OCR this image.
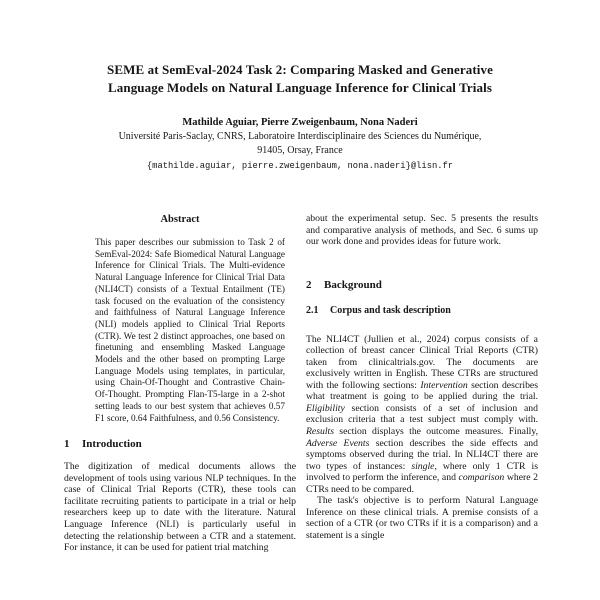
SEME at SemEval-2024 Task 2: Comparing Masked and Generative
Language Models on Natural Language Inference for Clinical Trials
Mathilde Aguiar, Pierre Zweigenbaum, Nona Naderi
Université Paris-Saclay, CNRS, Laboratoire Interdisciplinaire des Sciences du Numérique,
91405, Orsay, France
{mathilde.aguiar, pierre.zweigenbaum, nona.naderi}@lisn.fr
Abstract

This paper describes our submission to Task 2 of SemEval-2024: Safe Biomedical Natural Language Inference for Clinical Trials. The Multi-evidence Natural Language Inference for Clinical Trial Data (NLI4CT) consists of a Textual Entailment (TE) task focused on the evaluation of the consistency and faithfulness of Natural Language Inference (NLI) models applied to Clinical Trial Reports (CTR). We test 2 distinct approaches, one based on finetuning and ensembling Masked Language Models and the other based on prompting Large Language Models using templates, in particular, using Chain-Of-Thought and Contrastive Chain-Of-Thought. Prompting Flan-T5-large in a 2-shot setting leads to our best system that achieves 0.57 F1 score, 0.64 Faithfulness, and 0.56 Consistency.

1 Introduction

The digitization of medical documents allows the development of tools using various NLP techniques. In the case of Clinical Trial Reports (CTR), these tools can facilitate recruiting patients to participate in a trial or help researchers keep up to date with the literature. Natural Language Inference (NLI) is particularly useful in detecting the relationship between a CTR and a statement. For instance, it can be used for patient trial matching

about the experimental setup. Sec. 5 presents the results and comparative analysis of methods, and Sec. 6 sums up our work done and provides ideas for future work.

2 Background
2.1 Corpus and task description

The NLI4CT (Jullien et al., 2024) corpus consists of a collection of breast cancer Clinical Trial Reports (CTR) taken from clinicaltrials.gov. The documents are exclusively written in English. These CTRs are structured with the following sections: Intervention section describes what treatment is going to be applied during the trial. Eligibility section consists of a set of inclusion and exclusion criteria that a test subject must comply with. Results section displays the outcome measures. Finally, Adverse Events section describes the side effects and symptoms observed during the trial. In NLI4CT there are two types of instances: single, where only 1 CTR is involved to perform the inference, and comparison where 2 CTRs need to be compared.

The task's objective is to perform Natural Language Inference on these clinical trials. A premise consists of a section of a CTR (or two CTRs if it is a comparison) and a statement is a single
